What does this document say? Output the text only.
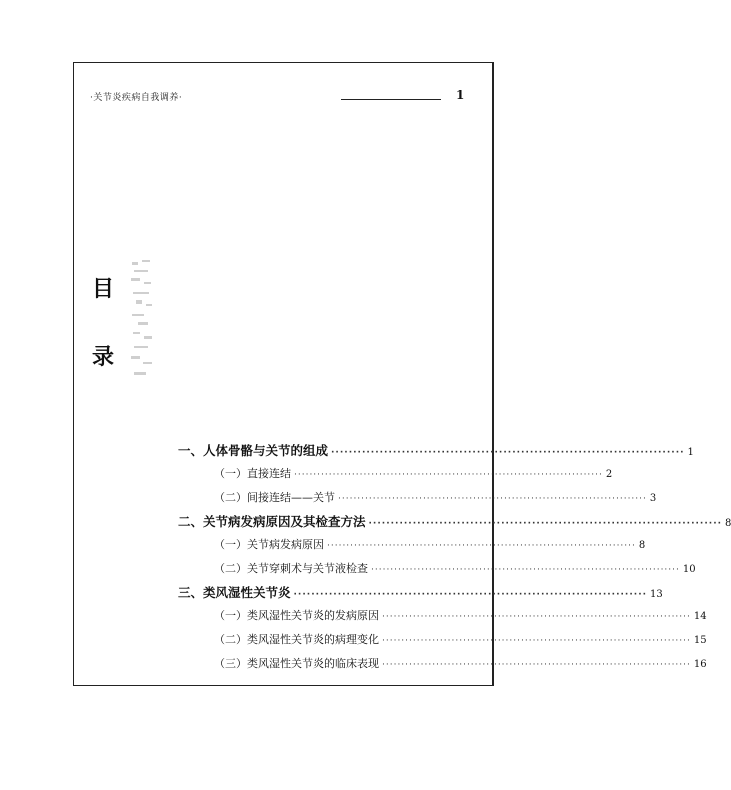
·关节炎疾病自我调养·	1
目
录
一、人体骨骼与关节的组成 ················································································ 1
（一）直接连结 ················································································ 2
（二）间接连结——关节 ················································································ 3
二、关节病发病原因及其检查方法 ················································································ 8
（一）关节病发病原因 ················································································ 8
（二）关节穿刺术与关节液检查 ················································································ 10
三、类风湿性关节炎 ················································································ 13
（一）类风湿性关节炎的发病原因 ················································································ 14
（二）类风湿性关节炎的病理变化 ················································································ 15
（三）类风湿性关节炎的临床表现 ················································································ 16
